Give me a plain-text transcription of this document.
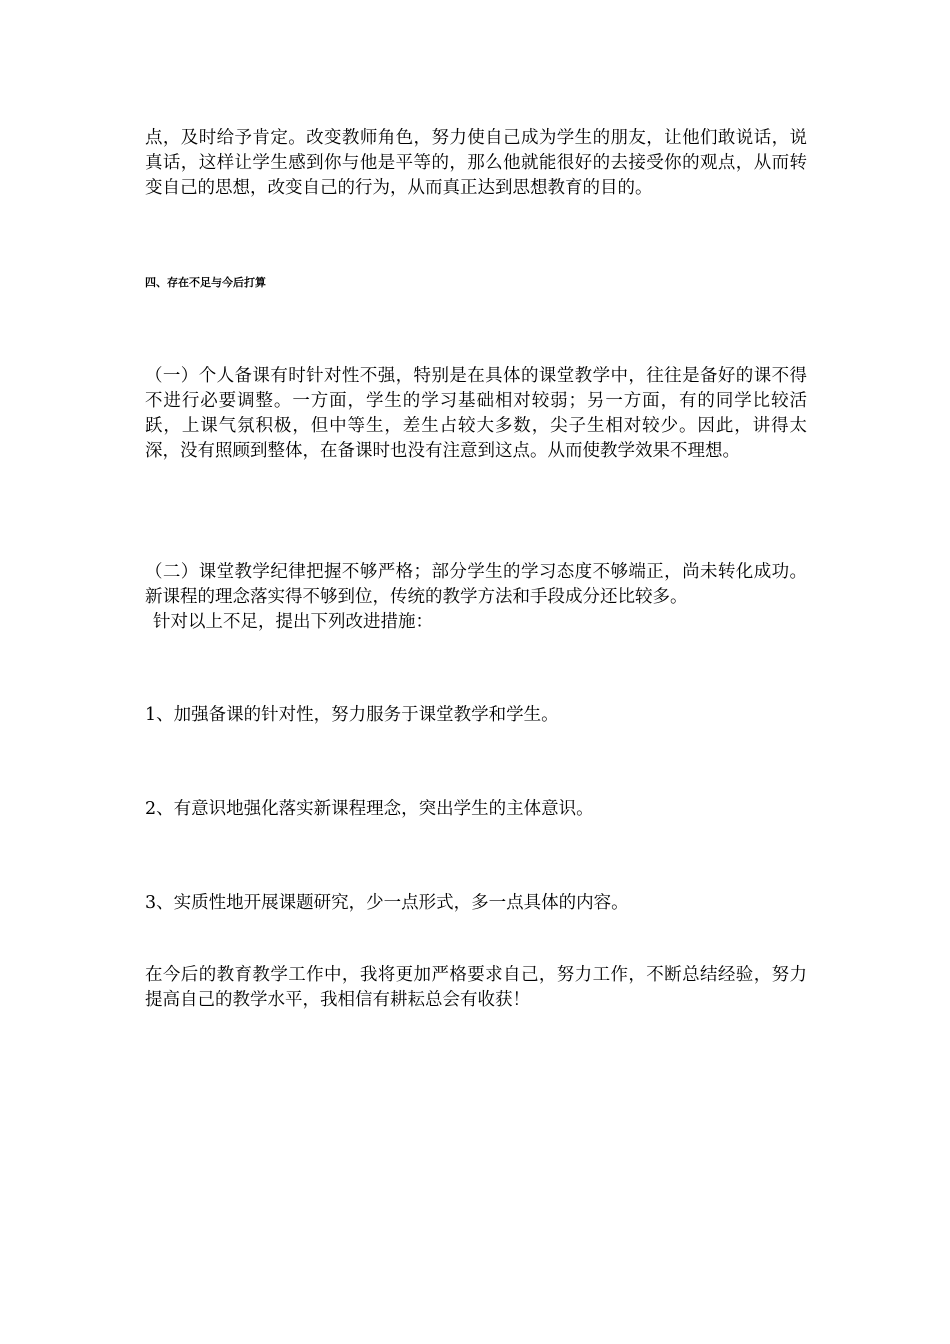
点，及时给予肯定。改变教师角色，努力使自己成为学生的朋友，让他们敢说话，说真话，这样让学生感到你与他是平等的，那么他就能很好的去接受你的观点，从而转变自己的思想，改变自己的行为，从而真正达到思想教育的目的。

四、存在不足与今后打算

（一）个人备课有时针对性不强，特别是在具体的课堂教学中，往往是备好的课不得不进行必要调整。一方面，学生的学习基础相对较弱；另一方面，有的同学比较活跃，上课气氛积极，但中等生，差生占较大多数，尖子生相对较少。因此，讲得太深，没有照顾到整体，在备课时也没有注意到这点。从而使教学效果不理想。

（二）课堂教学纪律把握不够严格；部分学生的学习态度不够端正，尚未转化成功。新课程的理念落实得不够到位，传统的教学方法和手段成分还比较多。

针对以上不足，提出下列改进措施：

1、加强备课的针对性，努力服务于课堂教学和学生。

2、有意识地强化落实新课程理念，突出学生的主体意识。

3、实质性地开展课题研究，少一点形式，多一点具体的内容。

在今后的教育教学工作中，我将更加严格要求自己，努力工作，不断总结经验，努力提高自己的教学水平，我相信有耕耘总会有收获！
